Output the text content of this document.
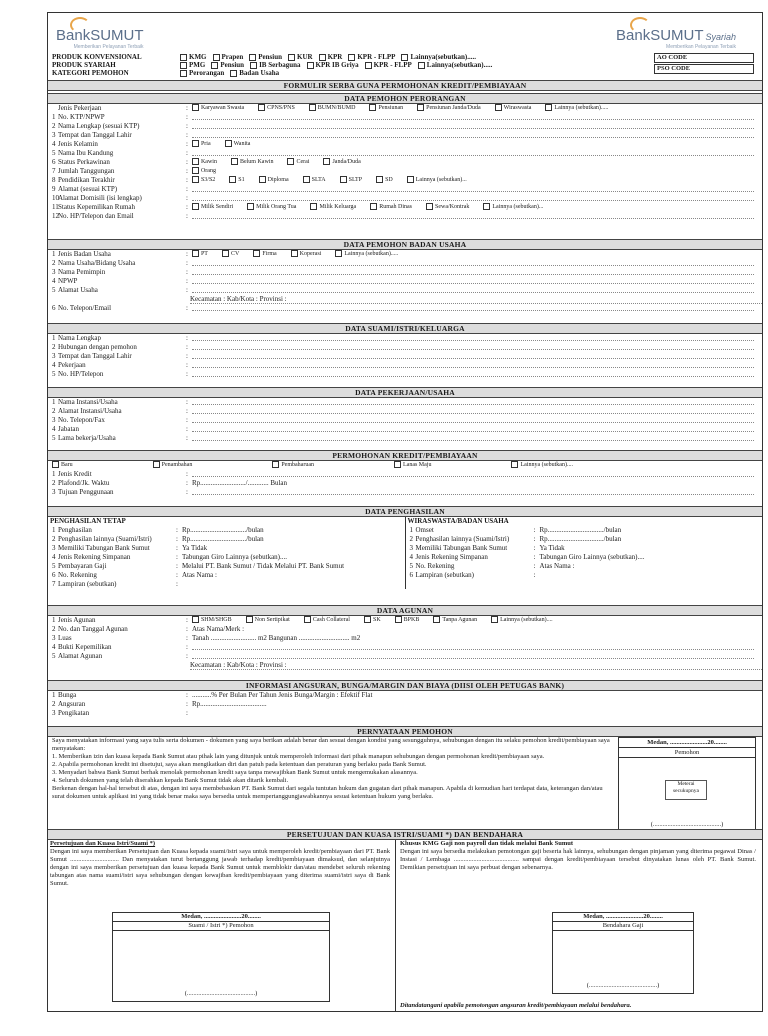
BankSUMUT
Memberikan Pelayanan Terbaik
BankSUMUT Syariah
Memberikan Pelayanan Terbaik
PRODUK KONVENSIONAL	KMG	Prapen	Pensiun	KUR	KPR	KPR - FLPP	Lainnya(sebutkan).....
PRODUK SYARIAH	PMG	Pensiun	IB Serbaguna	KPR IB Griya	KPR - FLPP	Lainnya(sebutkan).....
KATEGORI PEMOHON	Perorangan	Badan Usaha
AO CODE
PSO CODE
FORMULIR SERBA GUNA PERMOHONAN KREDIT/PEMBIAYAAN
Jenis Pekerjaan	:	Karyawan Swasta	CPNS/PNS	BUMN/BUMD	Pensiunan	Pensiunan Janda/Duda	Wiraswasta	Lainnya (sebutkan).....
1 No. KTP/NPWP	:
2 Nama Lengkap (sesuai KTP)	:
3 Tempat dan Tanggal Lahir	:
4 Jenis Kelamin	:	Pria	Wanita
5 Nama Ibu Kandung	:
6 Status Perkawinan	:	Kawin	Belum Kawin	Cerai	Janda/Duda
7 Jumlah Tanggungan	:	Orang
8 Pendidikan Terakhir	:	S3/S2	S1	Diploma	SLTA	SLTP	SD	Lainnya (sebutkan)...
9 Alamat (sesuai KTP)	:
10 Alamat Domisili (isi lengkap)	:
11 Status Kepemilikan Rumah	:	Milik Sendiri	Milik Orang Tua	Milik Keluarga	Rumah Dinas	Sewa/Kontrak	Lainnya (sebutkan)...
12 No. HP/Telepon dan Email	:
1 Jenis Badan Usaha	:	PT	CV	Firma	Koperasi	Lainnya (sebutkan).....
2 Nama Usaha/Bidang Usaha	:
3 Nama Pemimpin	:
4 NPWP	:
5 Alamat Usaha	:
Kecamatan : Kab/Kota : Provinsi :
6 No. Telepon/Email	:
1 Nama Lengkap	:
2 Hubungan dengan pemohon	:
3 Tempat dan Tanggal Lahir	:
4 Pekerjaan	:
5 No. HP/Telepon	:
1 Nama Instansi/Usaha	:
2 Alamat Instansi/Usaha	:
3 No. Telepon/Fax	:
4 Jabatan	:
5 Lama bekerja/Usaha	:
Baru	Penambahan	Pembaharuan	Lanas Maju	Lainnya (sebutkan)....
1 Jenis Kredit	:
2 Plafond/Jk. Waktu	: Rp........................../............ Bulan
3 Tujuan Penggunaan	:
1 Jenis Agunan	:	SHM/SHGB	Non Sertipikat	Cash Collateral	SK	BPKB	Tanpa Agunan	Lainnya (sebutkan)....
2 No. dan Tanggal Agunan	: Atas Nama/Merk :
3 Luas	: Tanah .......................... m2 Bangunan ............................. m2
4 Bukti Kepemilikan	:
5 Alamat Agunan	:
Kecamatan : Kab/Kota : Provinsi :
1 Bunga	: ...........% Per Bulan Per Tahun Jenis Bunga/Margin : Efektif Flat
2 Angsuran	: Rp......................................
3 Pengikatan	:
DATA PENGHASILAN
PENGHASILAN TETAP
1 Penghasilan	: Rp................................/bulan
2 Penghasilan lainnya (Suami/Istri)	: Rp................................/bulan
3 Memiliki Tabungan Bank Sumut	: Ya Tidak
4 Jenis Rekening Simpanan	: Tabungan Giro Lainnya (sebutkan)....
5 Pembayaran Gaji	: Melalui PT. Bank Sumut / Tidak Melalui PT. Bank Sumut
6 No. Rekening	: Atas Nama :
7 Lampiran (sebutkan)	:
WIRASWASTA/BADAN USAHA
1 Omset	: Rp................................/bulan
2 Penghasilan lainnya (Suami/Istri)	: Rp................................/bulan
3 Memiliki Tabungan Bank Sumut	: Ya Tidak
4 Jenis Rekening Simpanan	: Tabungan Giro Lainnya (sebutkan)....
5 No. Rekening	: Atas Nama :
6 Lampiran (sebutkan)	:
PERNYATAAN PEMOHON

Saya menyatakan informasi yang saya tulis serta dokumen - dokumen yang saya berikan adalah benar dan sesuai dengan kondisi yang sesungguhnya, sehubungan dengan itu selaku pemohon kredit/pembiayaan saya menyatakan:

1. Memberikan izin dan kuasa kepada Bank Sumut atau pihak lain yang ditunjuk untuk memperoleh informasi dari pihak manapun sehubungan dengan permohonan kredit/pembiayaan saya.

2. Apabila permohonan kredit ini disetujui, saya akan mengikatkan diri dan patuh pada ketentuan dan peraturan yang berlaku pada Bank Sumut.

3. Menyadari bahwa Bank Sumut berhak menolak permohonan kredit saya tanpa mewajibkan Bank Sumut untuk mengemukakan alasannya.

4. Seluruh dokumen yang telah diserahkan kepada Bank Sumut tidak akan ditarik kembali.

Berkenan dengan hal-hal tersebut di atas, dengan ini saya membebaskan PT. Bank Sumut dari segala tuntutan hukum dan gugatan dari pihak manapun. Apabila di kemudian hari terdapat data, keterangan dan/atau surat dokumen untuk aplikasi ini yang tidak benar maka saya bersedia untuk mempertanggungjawabkannya sesuai ketentuan hukum yang berlaku.

Medan, .......................20........
Pemohon
Meterai secukupnya
(..........................................)
PERSETUJUAN DAN KUASA ISTRI/SUAMI *) DAN BENDAHARA
Persetujuan dan Kuasa Istri/Suami *)
Dengan ini saya memberikan Persetujuan dan Kuasa kepada suami/istri saya untuk memperoleh kredit/pembiayaan dari PT. Bank Sumut .............................. Dan menyatakan turut bertanggung jawab terhadap kredit/pembiayaan dimaksud, dan selanjutnya dengan ini saya memberikan persetujuan dan kuasa kepada Bank Sumut untuk memblokir dan/atau mendebet seluruh rekening tabungan atas nama suami/istri saya sehubungan dengan kewajiban kredit/pembiayaan yang diterima suami/istri saya di Bank Sumut.
Medan, .......................20........
Suami / Istri *) Pemohon
(..........................................)
Khusus KMG Gaji non payroll dan tidak melalui Bank Sumut
Dengan ini saya bersedia melakukan pemotongan gaji beserta hak lainnya, sehubungan dengan pinjaman yang diterima pegawai Dinas / Instasi / Lembaga ........................................ sampai dengan kredit/pembiayaan tersebut dinyatakan lunas oleh PT. Bank Sumut. Demikian persetujuan ini saya perbuat dengan sebenarnya.
Medan, .......................20........
Bendahara Gaji
(..........................................)
Ditandatangani apabila pemotongan angsuran kredit/pembiayaan melalui bendahara.
DATA PEMOHON PERORANGAN
DATA PEMOHON BADAN USAHA
DATA SUAMI/ISTRI/KELUARGA
DATA PEKERJAAN/USAHA
PERMOHONAN KREDIT/PEMBIAYAAN
DATA AGUNAN
INFORMASI ANGSURAN, BUNGA/MARGIN DAN BIAYA (DIISI OLEH PETUGAS BANK)
